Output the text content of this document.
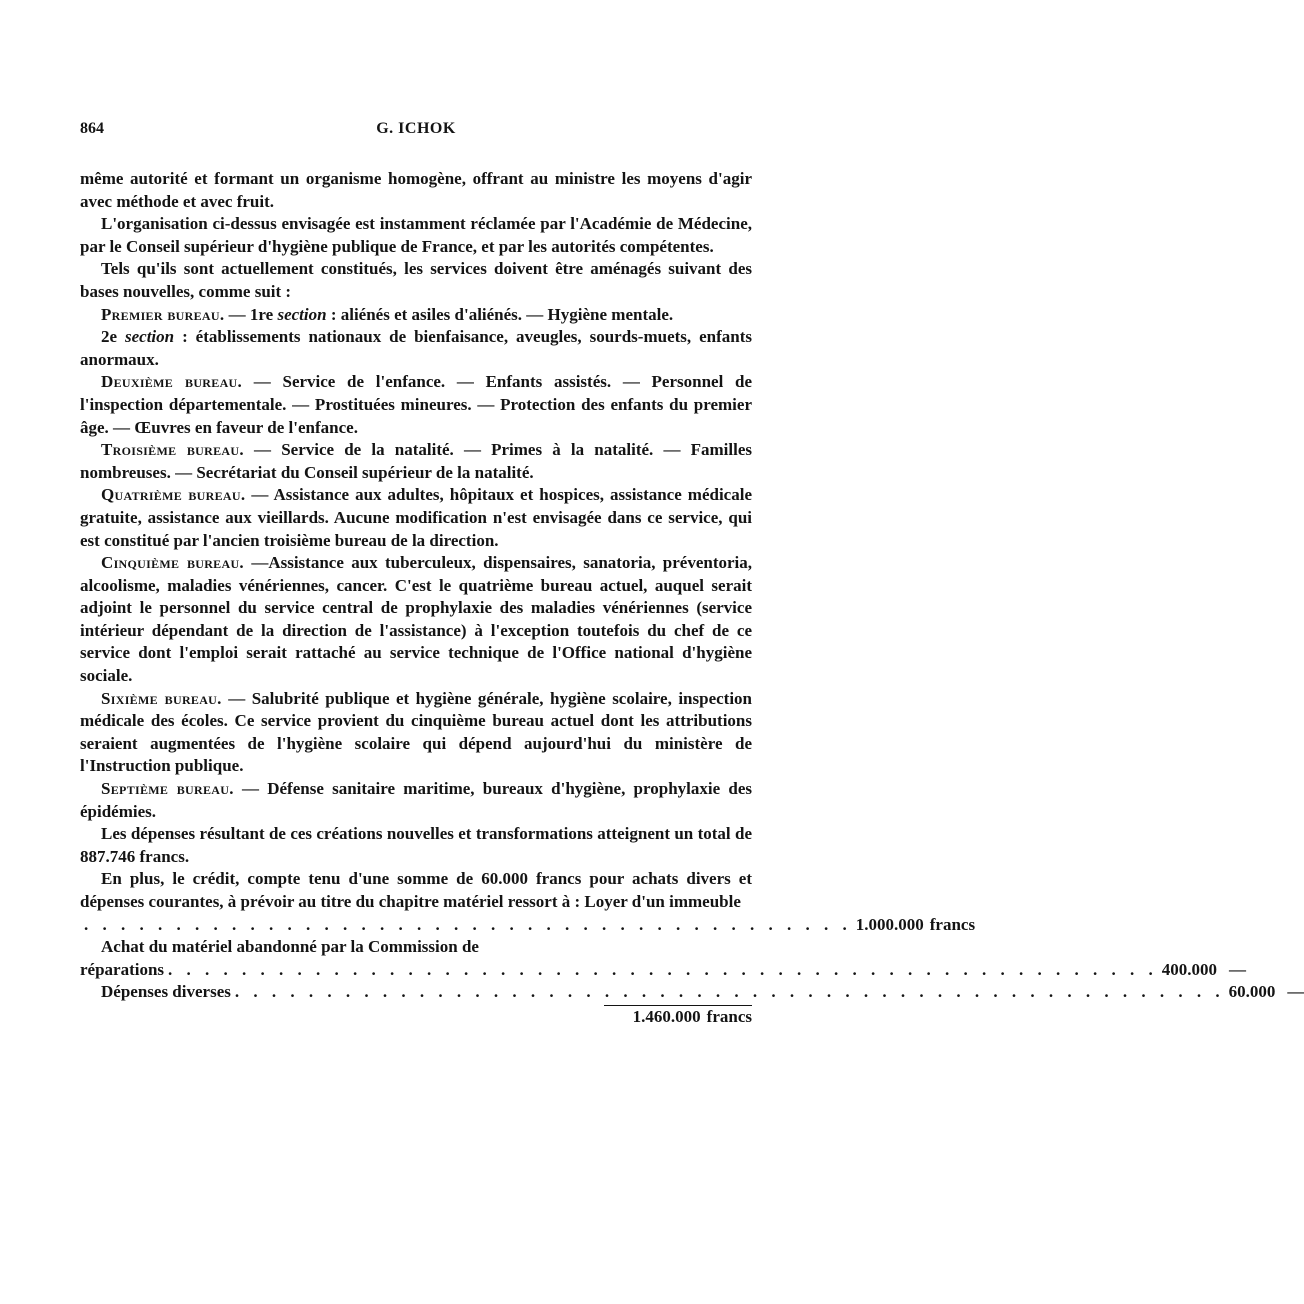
864	G. ICHOK

même autorité et formant un organisme homogène, offrant au ministre les moyens d'agir avec méthode et avec fruit.

L'organisation ci-dessus envisagée est instamment réclamée par l'Académie de Médecine, par le Conseil supérieur d'hygiène publique de France, et par les autorités compétentes.

Tels qu'ils sont actuellement constitués, les services doivent être aménagés suivant des bases nouvelles, comme suit :

Premier bureau. — 1re section : aliénés et asiles d'aliénés. — Hygiène mentale.

2e section : établissements nationaux de bienfaisance, aveugles, sourds-muets, enfants anormaux.

Deuxième bureau. — Service de l'enfance. — Enfants assistés. — Personnel de l'inspection départementale. — Prostituées mineures. — Protection des enfants du premier âge. — Œuvres en faveur de l'enfance.

Troisième bureau. — Service de la natalité. — Primes à la natalité. — Familles nombreuses. — Secrétariat du Conseil supérieur de la natalité.

Quatrième bureau. — Assistance aux adultes, hôpitaux et hospices, assistance médicale gratuite, assistance aux vieillards. Aucune modification n'est envisagée dans ce service, qui est constitué par l'ancien troisième bureau de la direction.

Cinquième bureau. —Assistance aux tuberculeux, dispensaires, sanatoria, préventoria, alcoolisme, maladies vénériennes, cancer. C'est le quatrième bureau actuel, auquel serait adjoint le personnel du service central de prophylaxie des maladies vénériennes (service intérieur dépendant de la direction de l'assistance) à l'exception toutefois du chef de ce service dont l'emploi serait rattaché au service technique de l'Office national d'hygiène sociale.

Sixième bureau. — Salubrité publique et hygiène générale, hygiène scolaire, inspection médicale des écoles. Ce service provient du cinquième bureau actuel dont les attributions seraient augmentées de l'hygiène scolaire qui dépend aujourd'hui du ministère de l'Instruction publique.

Septième bureau. — Défense sanitaire maritime, bureaux d'hygiène, prophylaxie des épidémies.

Les dépenses résultant de ces créations nouvelles et transformations atteignent un total de 887.746 francs.

En plus, le crédit, compte tenu d'une somme de 60.000 francs pour achats divers et dépenses courantes, à prévoir au titre du chapitre matériel ressort à : Loyer d'un immeuble

. . . . . . . . . . . . . . . . . . . . . . . . . . . . . . . . . . . . . . . . . . 1.000.000 francs

Achat du matériel abandonné par la Commission de

réparations . . . . . . . . . . . . . . . . . . . . . . . . . . . . . . . . . . . . . . . . . . . . . . . . . . . . . . 400.000 —
Dépenses diverses . . . . . . . . . . . . . . . . . . . . . . . . . . . . . . . . . . . . . . . . . . . . . . . . . . . . . . 60.000 —
1.460.000 francs
